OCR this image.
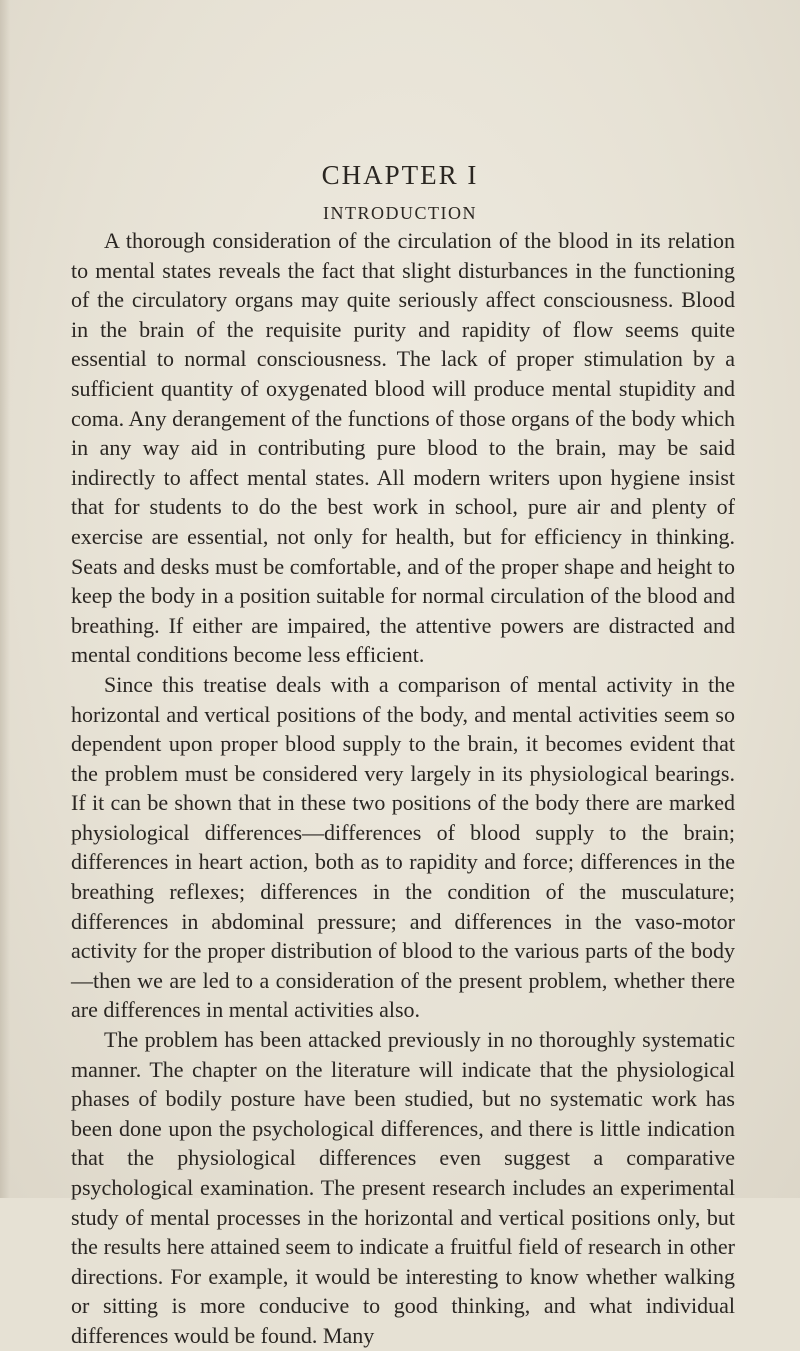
CHAPTER I
INTRODUCTION

A thorough consideration of the circulation of the blood in its relation to mental states reveals the fact that slight disturbances in the functioning of the circulatory organs may quite seriously affect consciousness. Blood in the brain of the requisite purity and rapidity of flow seems quite essential to normal consciousness. The lack of proper stimulation by a sufficient quantity of oxygenated blood will produce mental stupidity and coma. Any derangement of the functions of those organs of the body which in any way aid in contributing pure blood to the brain, may be said indirectly to affect mental states. All modern writers upon hygiene insist that for students to do the best work in school, pure air and plenty of exercise are essential, not only for health, but for efficiency in thinking. Seats and desks must be comfortable, and of the proper shape and height to keep the body in a position suitable for normal circulation of the blood and breathing. If either are impaired, the attentive powers are distracted and mental conditions become less efficient.

Since this treatise deals with a comparison of mental activity in the horizontal and vertical positions of the body, and mental activities seem so dependent upon proper blood supply to the brain, it becomes evident that the problem must be considered very largely in its physiological bearings. If it can be shown that in these two positions of the body there are marked physiological differences—differences of blood supply to the brain; differences in heart action, both as to rapidity and force; differences in the breathing reflexes; differences in the condition of the musculature; differences in abdominal pressure; and differences in the vaso-motor activity for the proper distribution of blood to the various parts of the body—then we are led to a consideration of the present problem, whether there are differences in mental activities also.

The problem has been attacked previously in no thoroughly systematic manner. The chapter on the literature will indicate that the physiological phases of bodily posture have been studied, but no systematic work has been done upon the psychological differences, and there is little indication that the physiological differences even suggest a comparative psychological examination. The present research includes an experimental study of mental processes in the horizontal and vertical positions only, but the results here attained seem to indicate a fruitful field of research in other directions. For example, it would be interesting to know whether walking or sitting is more conducive to good thinking, and what individual differences would be found. Many
